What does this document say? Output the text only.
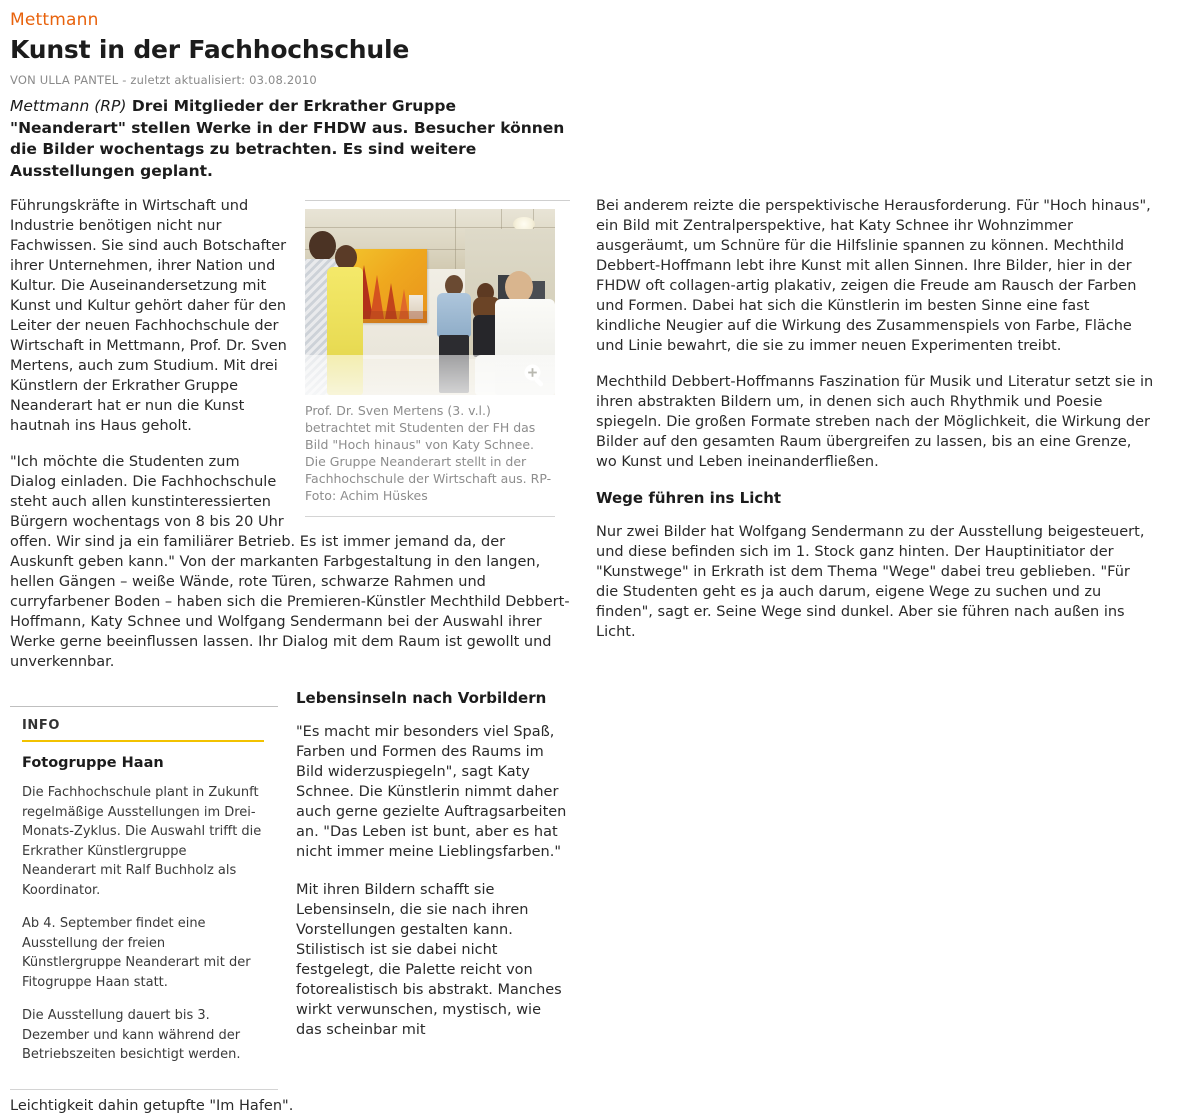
Mettmann
Kunst in der Fachhochschule
VON ULLA PANTEL - zuletzt aktualisiert: 03.08.2010

Mettmann (RP) Drei Mitglieder der Erkrather Gruppe "Neanderart" stellen Werke in der FHDW aus. Besucher können die Bilder wochentags zu betrachten. Es sind weitere Ausstellungen geplant.

Prof. Dr. Sven Mertens (3. v.l.) betrachtet mit Studenten der FH das Bild "Hoch hinaus" von Katy Schnee. Die Gruppe Neanderart stellt in der Fachhochschule der Wirtschaft aus. RP-Foto: Achim Hüskes

Führungskräfte in Wirtschaft und Industrie benötigen nicht nur Fachwissen. Sie sind auch Botschafter ihrer Unternehmen, ihrer Nation und Kultur. Die Auseinandersetzung mit Kunst und Kultur gehört daher für den Leiter der neuen Fachhochschule der Wirtschaft in Mettmann, Prof. Dr. Sven Mertens, auch zum Studium. Mit drei Künstlern der Erkrather Gruppe Neanderart hat er nun die Kunst hautnah ins Haus geholt.

"Ich möchte die Studenten zum Dialog einladen. Die Fachhochschule steht auch allen kunstinteressierten Bürgern wochentags von 8 bis 20 Uhr offen. Wir sind ja ein familiärer Betrieb. Es ist immer jemand da, der Auskunft geben kann." Von der markanten Farbgestaltung in den langen, hellen Gängen – weiße Wände, rote Türen, schwarze Rahmen und curryfarbener Boden – haben sich die Premieren-Künstler Mechthild Debbert-Hoffmann, Katy Schnee und Wolfgang Sendermann bei der Auswahl ihrer Werke gerne beeinflussen lassen. Ihr Dialog mit dem Raum ist gewollt und unverkennbar.

INFO
Fotogruppe Haan

Die Fachhochschule plant in Zukunft regelmäßige Ausstellungen im Drei-Monats-Zyklus. Die Auswahl trifft die Erkrather Künstlergruppe Neanderart mit Ralf Buchholz als Koordinator.

Ab 4. September findet eine Ausstellung der freien Künstlergruppe Neanderart mit der Fitogruppe Haan statt.

Die Ausstellung dauert bis 3. Dezember und kann während der Betriebszeiten besichtigt werden.

Lebensinseln nach Vorbildern

"Es macht mir besonders viel Spaß, Farben und Formen des Raums im Bild widerzuspiegeln", sagt Katy Schnee. Die Künstlerin nimmt daher auch gerne gezielte Auftragsarbeiten an. "Das Leben ist bunt, aber es hat nicht immer meine Lieblingsfarben."

Mit ihren Bildern schafft sie Lebensinseln, die sie nach ihren Vorstellungen gestalten kann. Stilistisch ist sie dabei nicht festgelegt, die Palette reicht von fotorealistisch bis abstrakt. Manches wirkt verwunschen, mystisch, wie das scheinbar mit

Leichtigkeit dahin getupfte "Im Hafen".

Bei anderem reizte die perspektivische Herausforderung. Für "Hoch hinaus", ein Bild mit Zentralperspektive, hat Katy Schnee ihr Wohnzimmer ausgeräumt, um Schnüre für die Hilfslinie spannen zu können. Mechthild Debbert-Hoffmann lebt ihre Kunst mit allen Sinnen. Ihre Bilder, hier in der FHDW oft collagen-artig plakativ, zeigen die Freude am Rausch der Farben und Formen. Dabei hat sich die Künstlerin im besten Sinne eine fast kindliche Neugier auf die Wirkung des Zusammenspiels von Farbe, Fläche und Linie bewahrt, die sie zu immer neuen Experimenten treibt.

Mechthild Debbert-Hoffmanns Faszination für Musik und Literatur setzt sie in ihren abstrakten Bildern um, in denen sich auch Rhythmik und Poesie spiegeln. Die großen Formate streben nach der Möglichkeit, die Wirkung der Bilder auf den gesamten Raum übergreifen zu lassen, bis an eine Grenze, wo Kunst und Leben ineinanderfließen.

Wege führen ins Licht

Nur zwei Bilder hat Wolfgang Sendermann zu der Ausstellung beigesteuert, und diese befinden sich im 1. Stock ganz hinten. Der Hauptinitiator der "Kunstwege" in Erkrath ist dem Thema "Wege" dabei treu geblieben. "Für die Studenten geht es ja auch darum, eigene Wege zu suchen und zu finden", sagt er. Seine Wege sind dunkel. Aber sie führen nach außen ins Licht.
